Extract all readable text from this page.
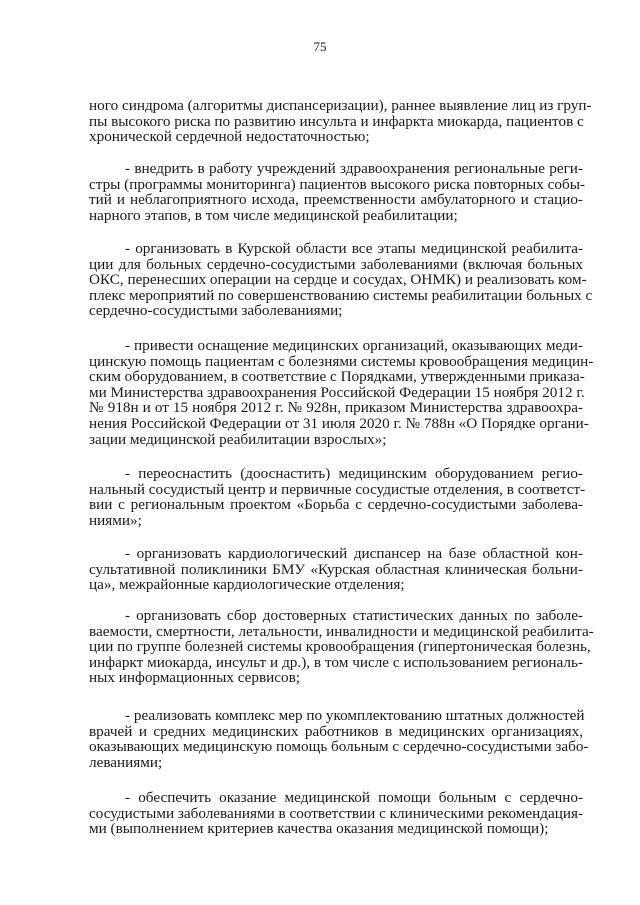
75
ного синдрома (алгоритмы диспансеризации), раннее выявление лиц из груп-
пы высокого риска по развитию инсульта и инфаркта миокарда, пациентов с
хронической сердечной недостаточностью;
- внедрить в работу учреждений здравоохранения региональные реги-
стры (программы мониторинга) пациентов высокого риска повторных собы-
тий и неблагоприятного исхода, преемственности амбулаторного и стацио-
нарного этапов, в том числе медицинской реабилитации;
- организовать в Курской области все этапы медицинской реабилита-
ции для больных сердечно-сосудистыми заболеваниями (включая больных
ОКС, перенесших операции на сердце и сосудах, ОНМК) и реализовать ком-
плекс мероприятий по совершенствованию системы реабилитации больных с
сердечно-сосудистыми заболеваниями;
- привести оснащение медицинских организаций, оказывающих меди-
цинскую помощь пациентам с болезнями системы кровообращения медицин-
ским оборудованием, в соответствие с Порядками, утвержденными приказа-
ми Министерства здравоохранения Российской Федерации 15 ноября 2012 г.
№ 918н и от 15 ноября 2012 г. № 928н, приказом Министерства здравоохра-
нения Российской Федерации от 31 июля 2020 г. № 788н «О Порядке органи-
зации медицинской реабилитации взрослых»;
- переоснастить (дооснастить) медицинским оборудованием регио-
нальный сосудистый центр и первичные сосудистые отделения, в соответст-
вии с региональным проектом «Борьба с сердечно-сосудистыми заболева-
ниями»;
- организовать кардиологический диспансер на базе областной кон-
сультативной поликлиники БМУ «Курская областная клиническая больни-
ца», межрайонные кардиологические отделения;
- организовать сбор достоверных статистических данных по заболе-
ваемости, смертности, летальности, инвалидности и медицинской реабилита-
ции по группе болезней системы кровообращения (гипертоническая болезнь,
инфаркт миокарда, инсульт и др.), в том числе с использованием региональ-
ных информационных сервисов;
- реализовать комплекс мер по укомплектованию штатных должностей
врачей и средних медицинских работников в медицинских организациях,
оказывающих медицинскую помощь больным с сердечно-сосудистыми забо-
леваниями;
- обеспечить оказание медицинской помощи больным с сердечно-
сосудистыми заболеваниями в соответствии с клиническими рекомендация-
ми (выполнением критериев качества оказания медицинской помощи);
